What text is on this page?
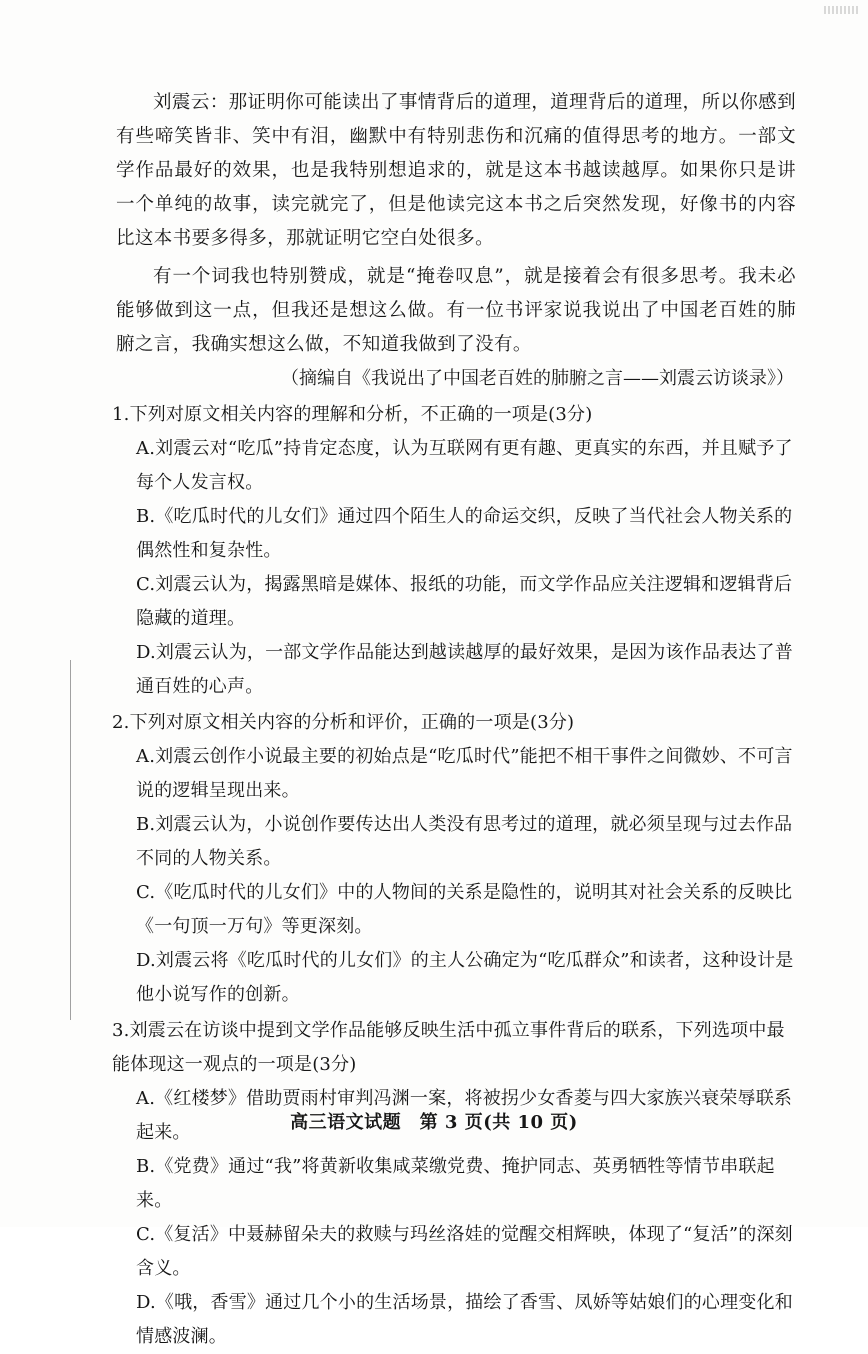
刘震云：那证明你可能读出了事情背后的道理，道理背后的道理，所以你感到有些啼笑皆非、笑中有泪，幽默中有特别悲伤和沉痛的值得思考的地方。一部文学作品最好的效果，也是我特别想追求的，就是这本书越读越厚。如果你只是讲一个单纯的故事，读完就完了，但是他读完这本书之后突然发现，好像书的内容比这本书要多得多，那就证明它空白处很多。

有一个词我也特别赞成，就是“掩卷叹息”，就是接着会有很多思考。我未必能够做到这一点，但我还是想这么做。有一位书评家说我说出了中国老百姓的肺腑之言，我确实想这么做，不知道我做到了没有。

（摘编自《我说出了中国老百姓的肺腑之言——刘震云访谈录》）

1.下列对原文相关内容的理解和分析，不正确的一项是(3分)

A.刘震云对“吃瓜”持肯定态度，认为互联网有更有趣、更真实的东西，并且赋予了每个人发言权。

B.《吃瓜时代的儿女们》通过四个陌生人的命运交织，反映了当代社会人物关系的偶然性和复杂性。

C.刘震云认为，揭露黑暗是媒体、报纸的功能，而文学作品应关注逻辑和逻辑背后隐藏的道理。

D.刘震云认为，一部文学作品能达到越读越厚的最好效果，是因为该作品表达了普通百姓的心声。

2.下列对原文相关内容的分析和评价，正确的一项是(3分)

A.刘震云创作小说最主要的初始点是“吃瓜时代”能把不相干事件之间微妙、不可言说的逻辑呈现出来。

B.刘震云认为，小说创作要传达出人类没有思考过的道理，就必须呈现与过去作品不同的人物关系。

C.《吃瓜时代的儿女们》中的人物间的关系是隐性的，说明其对社会关系的反映比《一句顶一万句》等更深刻。

D.刘震云将《吃瓜时代的儿女们》的主人公确定为“吃瓜群众”和读者，这种设计是他小说写作的创新。

3.刘震云在访谈中提到文学作品能够反映生活中孤立事件背后的联系，下列选项中最能体现这一观点的一项是(3分)

A.《红楼梦》借助贾雨村审判冯渊一案，将被拐少女香菱与四大家族兴衰荣辱联系起来。

B.《党费》通过“我”将黄新收集咸菜缴党费、掩护同志、英勇牺牲等情节串联起来。

C.《复活》中聂赫留朵夫的救赎与玛丝洛娃的觉醒交相辉映，体现了“复活”的深刻含义。

D.《哦，香雪》通过几个小的生活场景，描绘了香雪、凤娇等姑娘们的心理变化和情感波澜。

高三语文试题　第 3 页(共 10 页)
